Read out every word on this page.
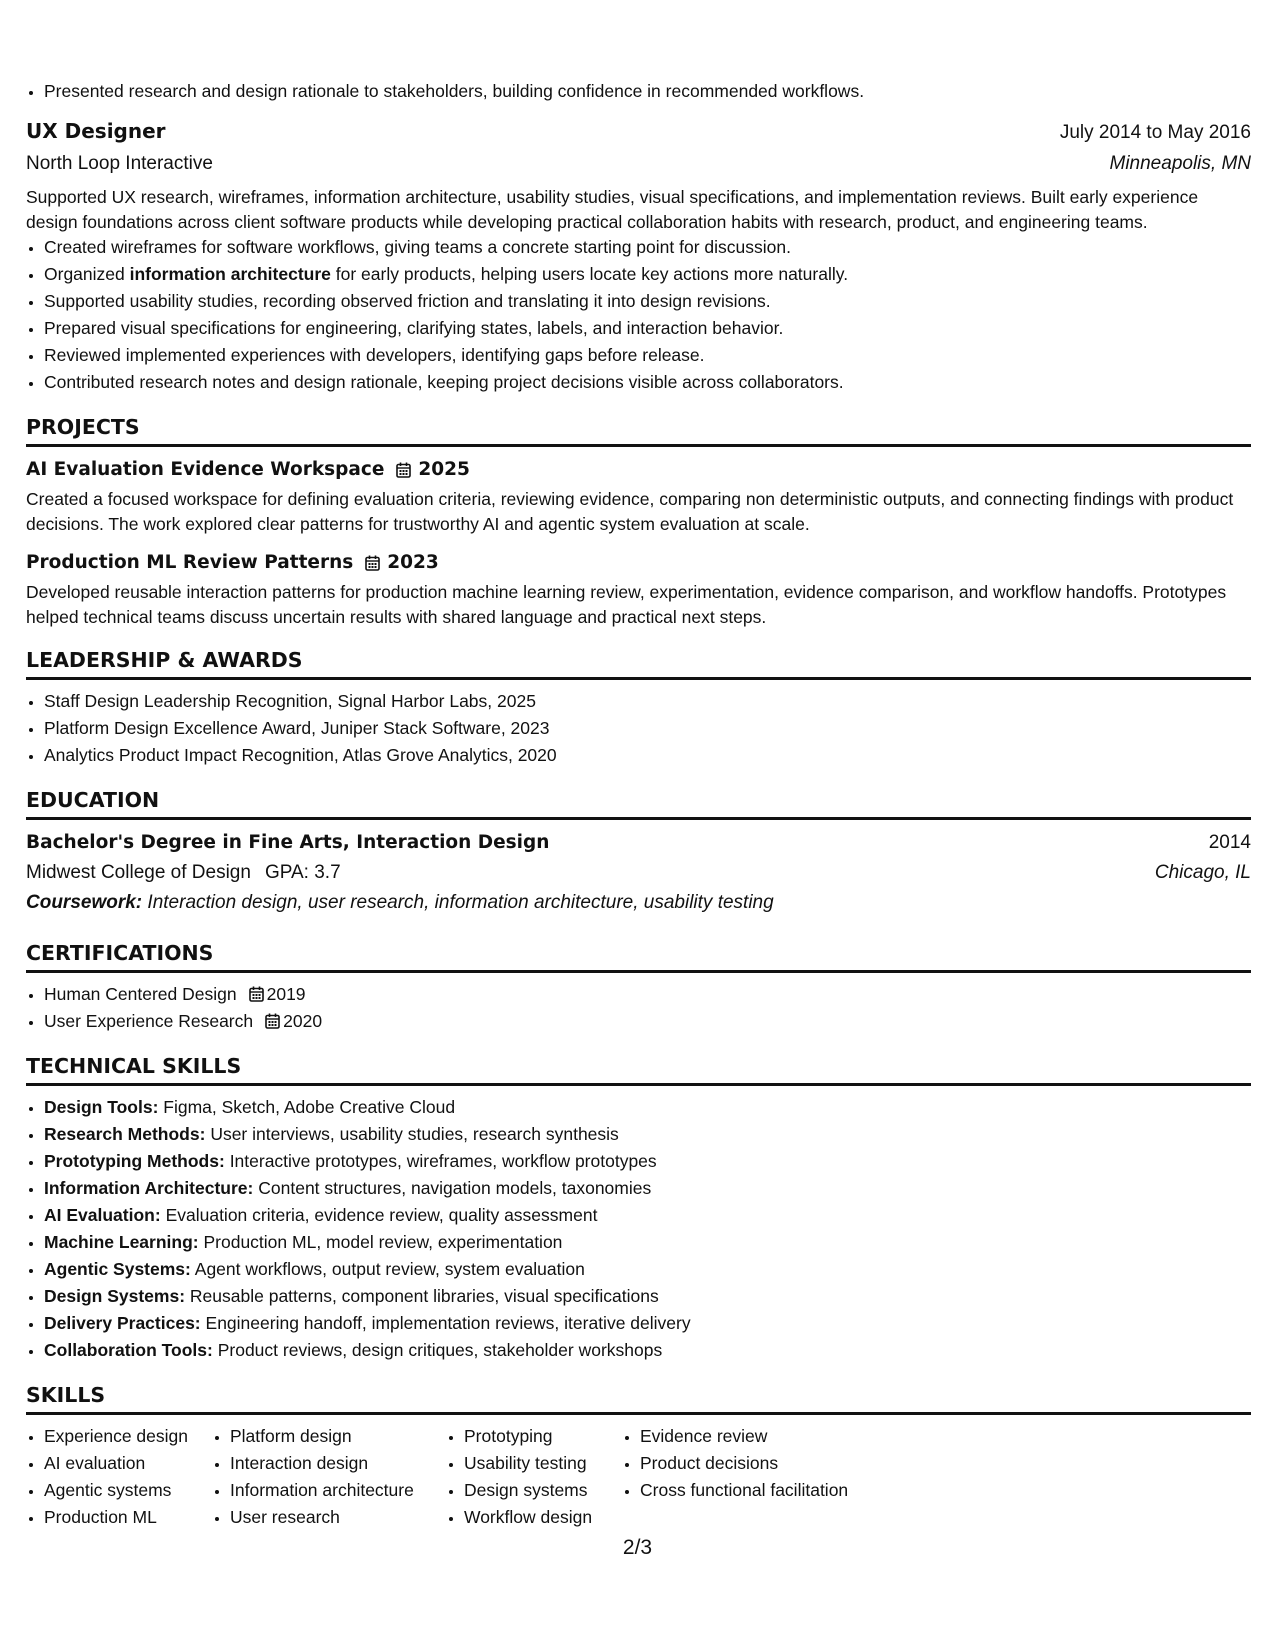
• Presented research and design rationale to stakeholders, building confidence in recommended workflows.
UX Designer	July 2014 to May 2016
North Loop Interactive	Minneapolis, MN

Supported UX research, wireframes, information architecture, usability studies, visual specifications, and implementation reviews. Built early experience design foundations across client software products while developing practical collaboration habits with research, product, and engineering teams.

• Created wireframes for software workflows, giving teams a concrete starting point for discussion.
• Organized information architecture for early products, helping users locate key actions more naturally.
• Supported usability studies, recording observed friction and translating it into design revisions.
• Prepared visual specifications for engineering, clarifying states, labels, and interaction behavior.
• Reviewed implemented experiences with developers, identifying gaps before release.
• Contributed research notes and design rationale, keeping project decisions visible across collaborators.
PROJECTS
AI Evaluation Evidence Workspace 2025

Created a focused workspace for defining evaluation criteria, reviewing evidence, comparing non deterministic outputs, and connecting findings with product decisions. The work explored clear patterns for trustworthy AI and agentic system evaluation at scale.

Production ML Review Patterns 2023

Developed reusable interaction patterns for production machine learning review, experimentation, evidence comparison, and workflow handoffs. Prototypes helped technical teams discuss uncertain results with shared language and practical next steps.

LEADERSHIP & AWARDS
• Staff Design Leadership Recognition, Signal Harbor Labs, 2025
• Platform Design Excellence Award, Juniper Stack Software, 2023
• Analytics Product Impact Recognition, Atlas Grove Analytics, 2020
EDUCATION
Bachelor's Degree in Fine Arts, Interaction Design	2014
Midwest College of Design GPA: 3.7	Chicago, IL
Coursework: Interaction design, user research, information architecture, usability testing
CERTIFICATIONS
• Human Centered Design 2019
• User Experience Research 2020
TECHNICAL SKILLS
• Design Tools: Figma, Sketch, Adobe Creative Cloud
• Research Methods: User interviews, usability studies, research synthesis
• Prototyping Methods: Interactive prototypes, wireframes, workflow prototypes
• Information Architecture: Content structures, navigation models, taxonomies
• AI Evaluation: Evaluation criteria, evidence review, quality assessment
• Machine Learning: Production ML, model review, experimentation
• Agentic Systems: Agent workflows, output review, system evaluation
• Design Systems: Reusable patterns, component libraries, visual specifications
• Delivery Practices: Engineering handoff, implementation reviews, iterative delivery
• Collaboration Tools: Product reviews, design critiques, stakeholder workshops
SKILLS
• Experience design
• AI evaluation
• Agentic systems
• Production ML
• Platform design
• Interaction design
• Information architecture
• User research
• Prototyping
• Usability testing
• Design systems
• Workflow design
• Evidence review
• Product decisions
• Cross functional facilitation
2/3
